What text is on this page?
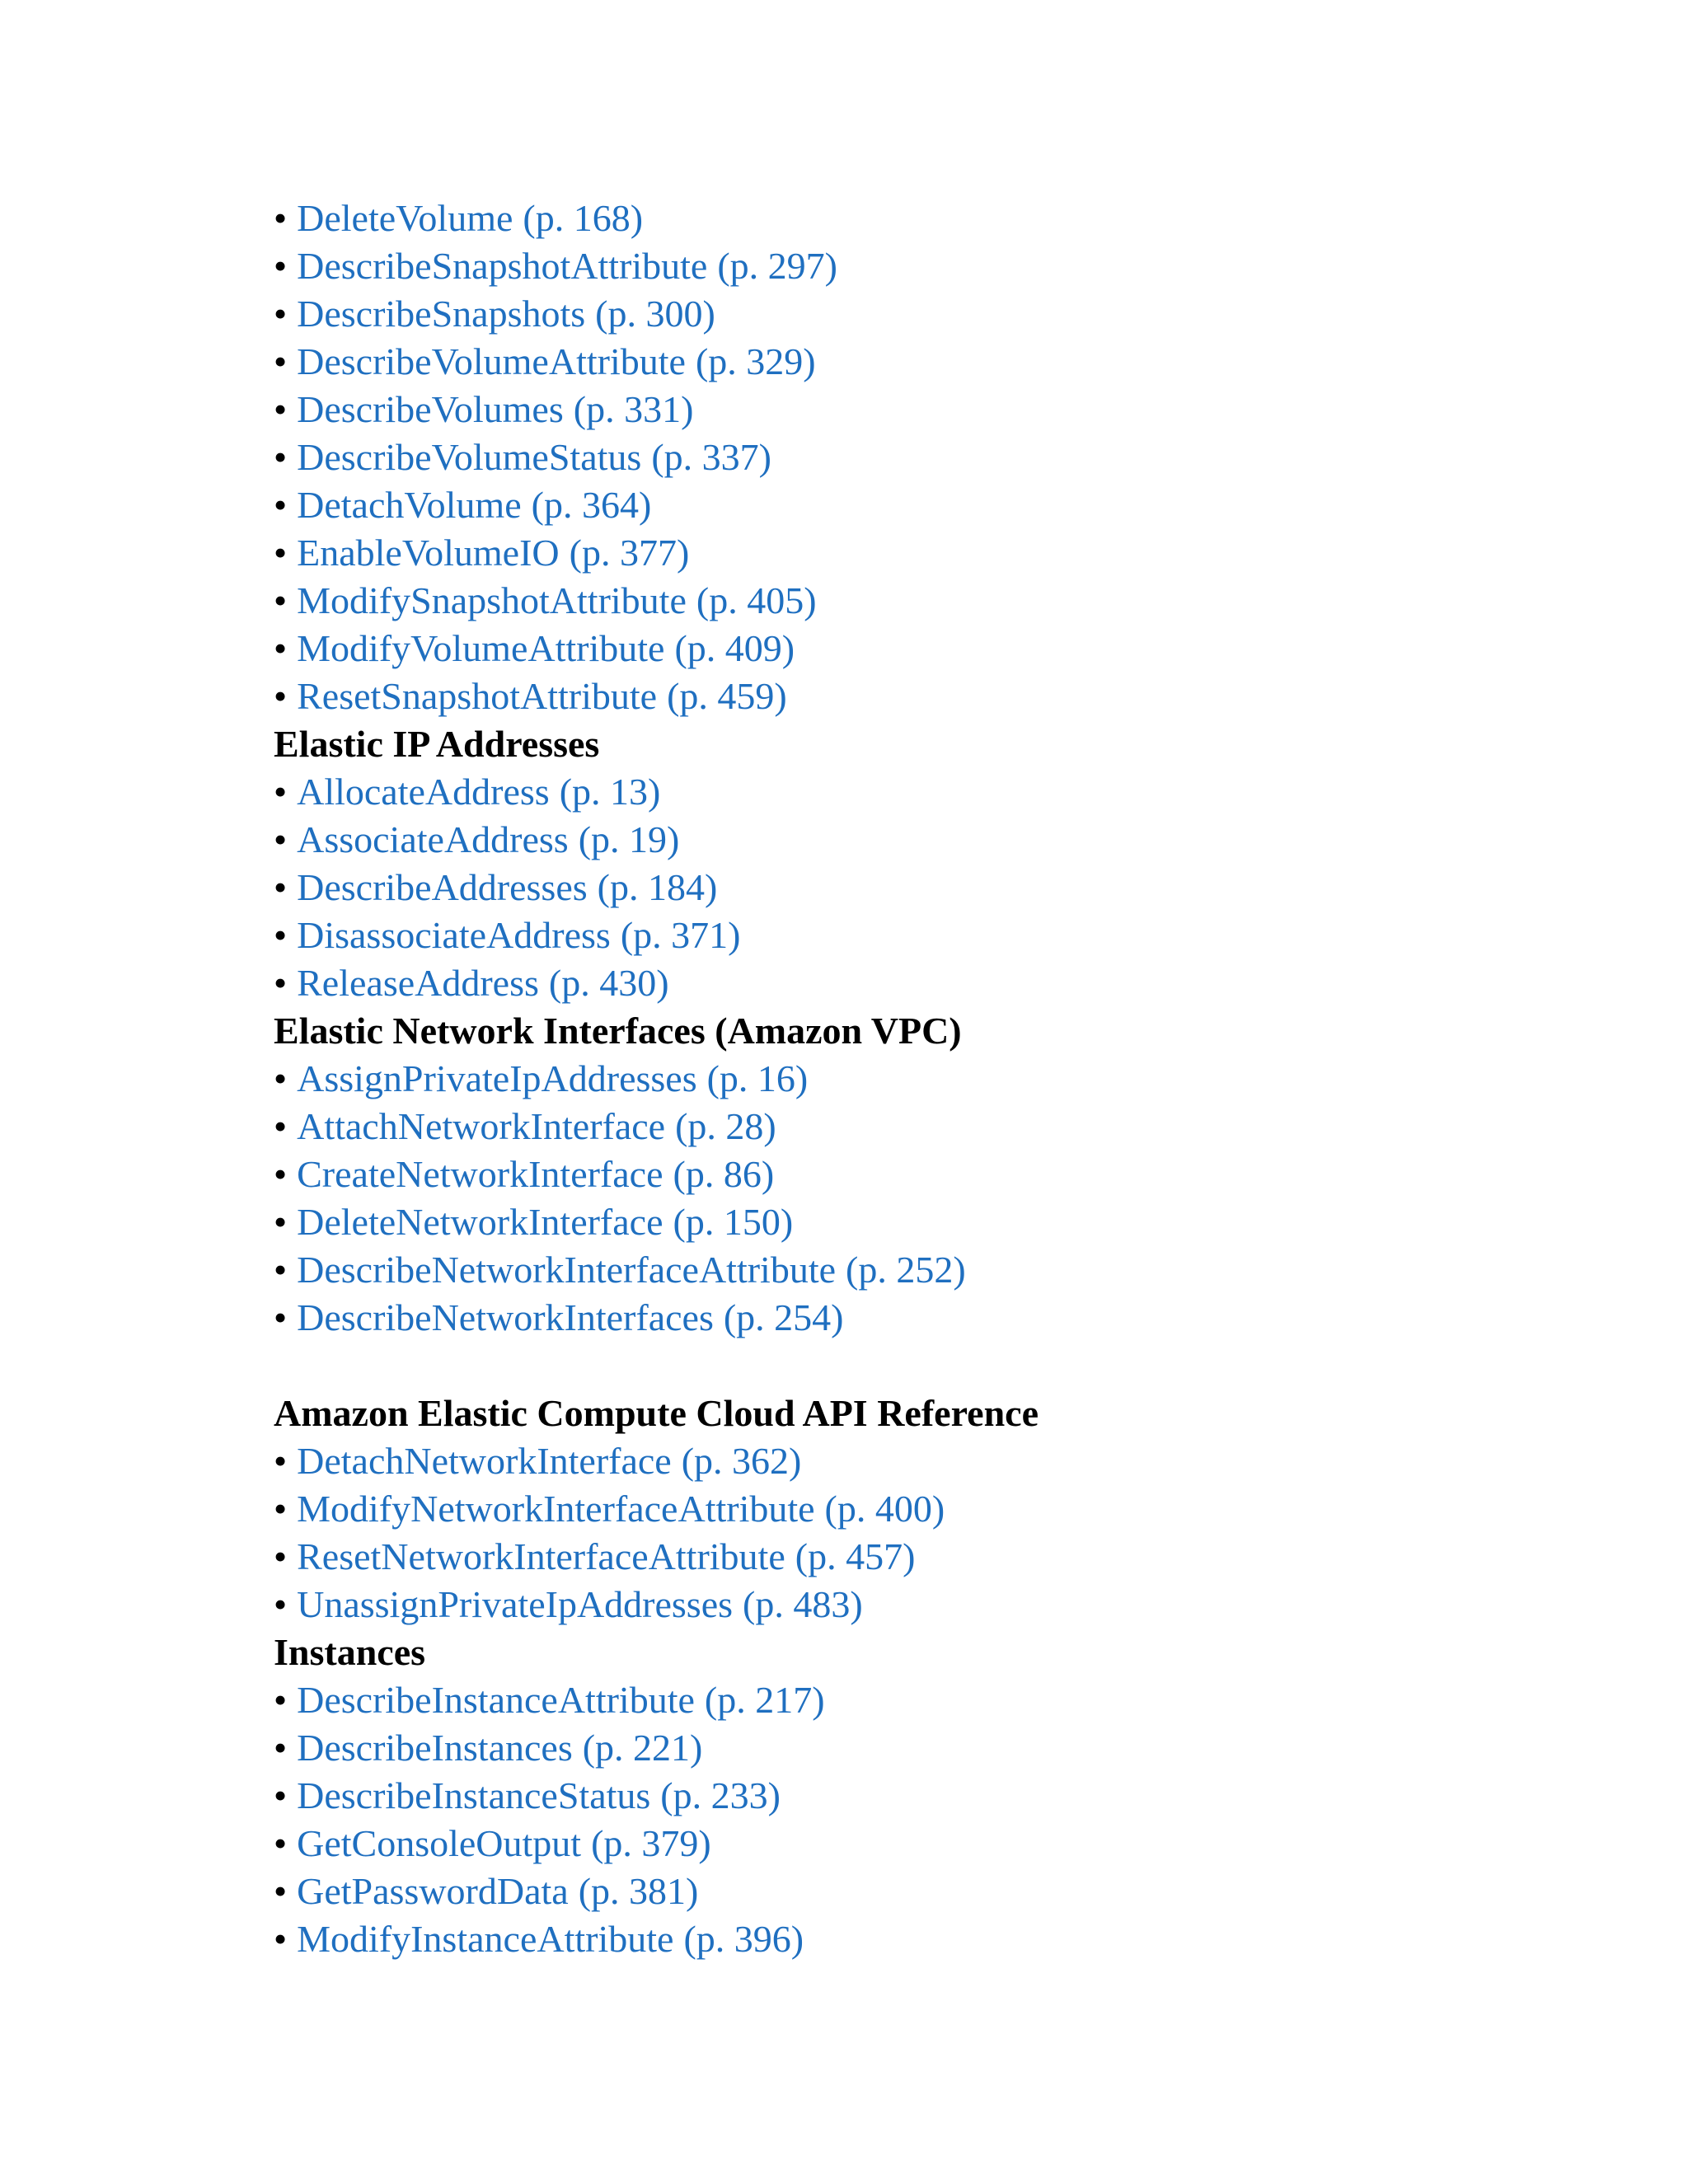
• DeleteVolume (p. 168)
• DescribeSnapshotAttribute (p. 297)
• DescribeSnapshots (p. 300)
• DescribeVolumeAttribute (p. 329)
• DescribeVolumes (p. 331)
• DescribeVolumeStatus (p. 337)
• DetachVolume (p. 364)
• EnableVolumeIO (p. 377)
• ModifySnapshotAttribute (p. 405)
• ModifyVolumeAttribute (p. 409)
• ResetSnapshotAttribute (p. 459)
Elastic IP Addresses
• AllocateAddress (p. 13)
• AssociateAddress (p. 19)
• DescribeAddresses (p. 184)
• DisassociateAddress (p. 371)
• ReleaseAddress (p. 430)
Elastic Network Interfaces (Amazon VPC)
• AssignPrivateIpAddresses (p. 16)
• AttachNetworkInterface (p. 28)
• CreateNetworkInterface (p. 86)
• DeleteNetworkInterface (p. 150)
• DescribeNetworkInterfaceAttribute (p. 252)
• DescribeNetworkInterfaces (p. 254)
Amazon Elastic Compute Cloud API Reference
• DetachNetworkInterface (p. 362)
• ModifyNetworkInterfaceAttribute (p. 400)
• ResetNetworkInterfaceAttribute (p. 457)
• UnassignPrivateIpAddresses (p. 483)
Instances
• DescribeInstanceAttribute (p. 217)
• DescribeInstances (p. 221)
• DescribeInstanceStatus (p. 233)
• GetConsoleOutput (p. 379)
• GetPasswordData (p. 381)
• ModifyInstanceAttribute (p. 396)
